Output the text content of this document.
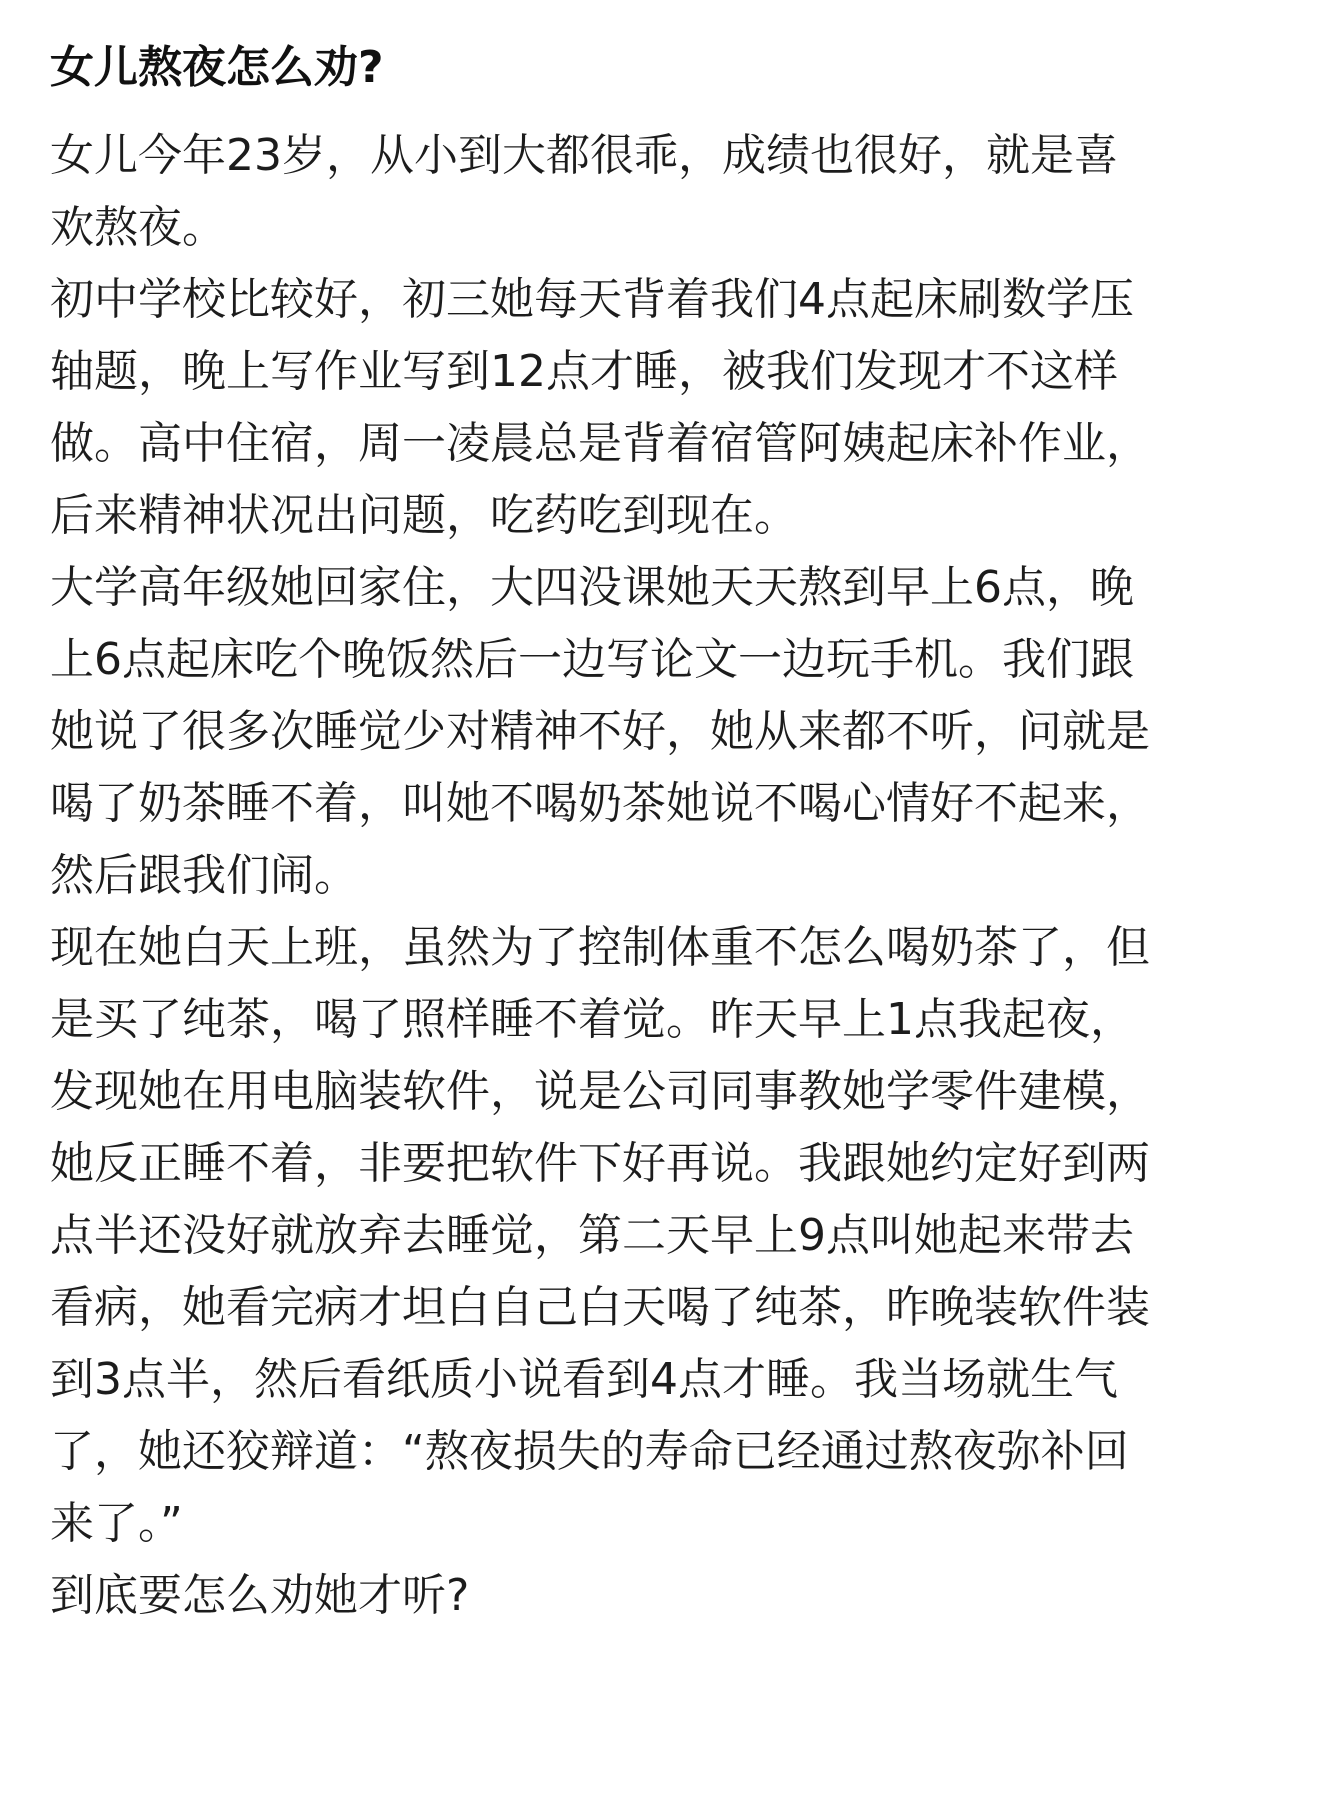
女儿熬夜怎么劝?

女儿今年23岁，从小到大都很乖，成绩也很好，就是喜
欢熬夜。

初中学校比较好，初三她每天背着我们4点起床刷数学压
轴题，晚上写作业写到12点才睡，被我们发现才不这样
做。高中住宿，周一凌晨总是背着宿管阿姨起床补作业，
后来精神状况出问题，吃药吃到现在。

大学高年级她回家住，大四没课她天天熬到早上6点，晚
上6点起床吃个晚饭然后一边写论文一边玩手机。我们跟
她说了很多次睡觉少对精神不好，她从来都不听，问就是
喝了奶茶睡不着，叫她不喝奶茶她说不喝心情好不起来，
然后跟我们闹。

现在她白天上班，虽然为了控制体重不怎么喝奶茶了，但
是买了纯茶，喝了照样睡不着觉。昨天早上1点我起夜，
发现她在用电脑装软件，说是公司同事教她学零件建模，
她反正睡不着，非要把软件下好再说。我跟她约定好到两
点半还没好就放弃去睡觉，第二天早上9点叫她起来带去
看病，她看完病才坦白自己白天喝了纯茶，昨晚装软件装
到3点半，然后看纸质小说看到4点才睡。我当场就生气
了，她还狡辩道：“熬夜损失的寿命已经通过熬夜弥补回
来了。”

到底要怎么劝她才听?
